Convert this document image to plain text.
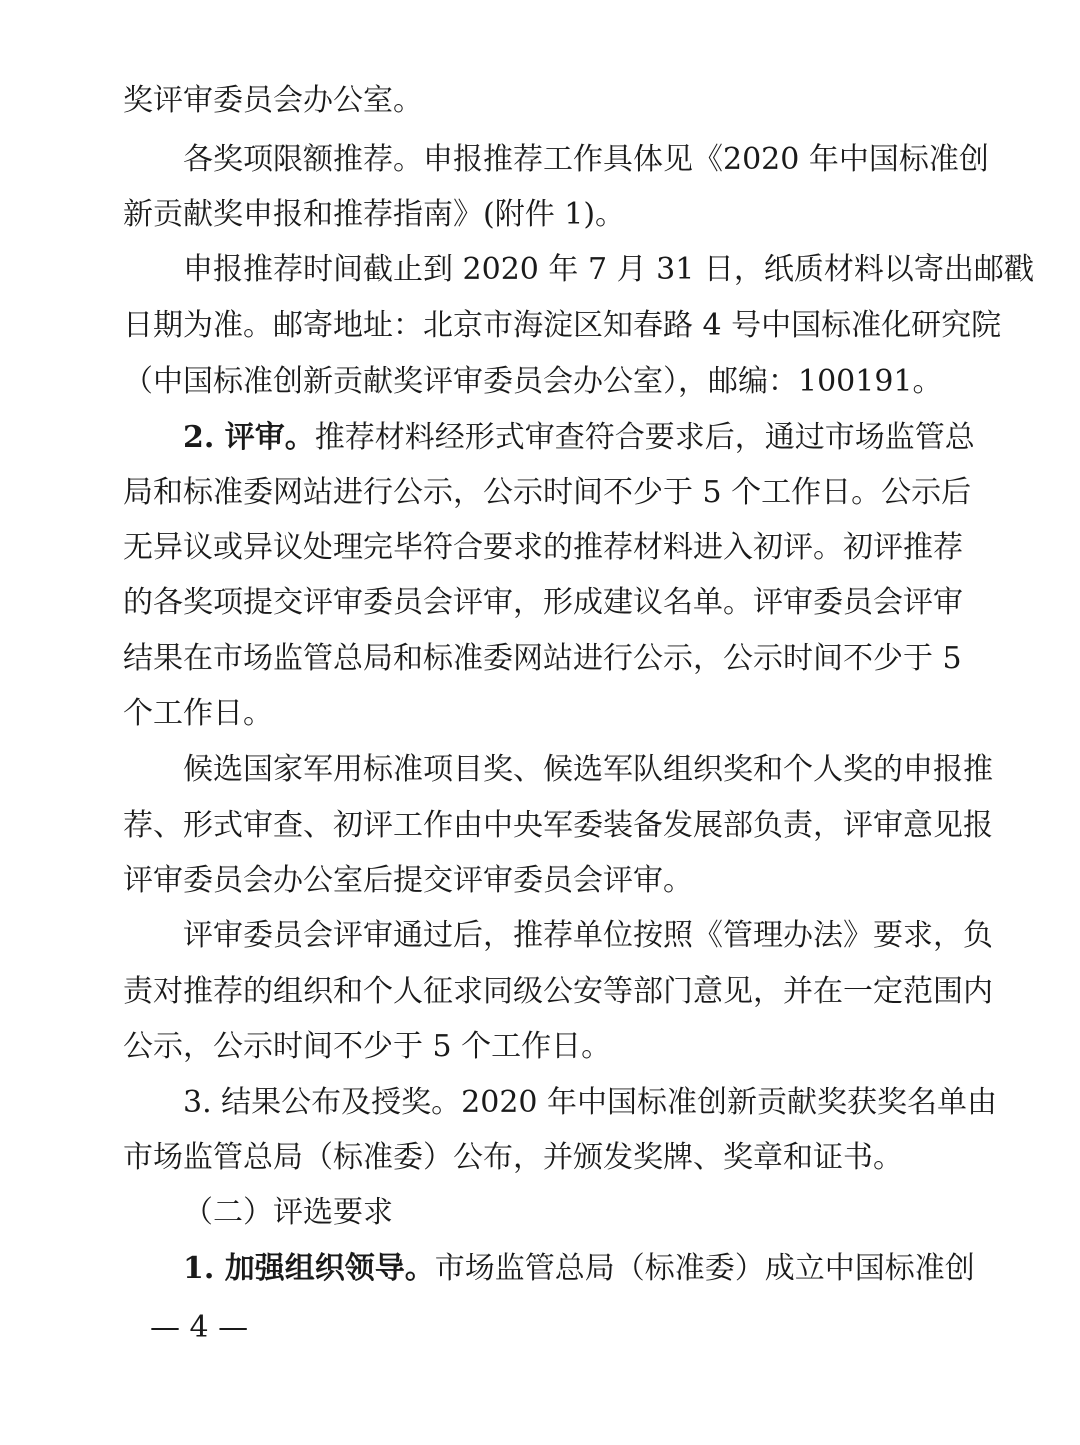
奖评审委员会办公室。
各奖项限额推荐。申报推荐工作具体见《2020 年中国标准创
新贡献奖申报和推荐指南》(附件 1)。
申报推荐时间截止到 2020 年 7 月 31 日，纸质材料以寄出邮戳
日期为准。邮寄地址：北京市海淀区知春路 4 号中国标准化研究院
（中国标准创新贡献奖评审委员会办公室），邮编：100191。
2. 评审。 推荐材料经形式审查符合要求后，通过市场监管总
局和标准委网站进行公示，公示时间不少于 5 个工作日。公示后
无异议或异议处理完毕符合要求的推荐材料进入初评。初评推荐
的各奖项提交评审委员会评审，形成建议名单。评审委员会评审
结果在市场监管总局和标准委网站进行公示，公示时间不少于 5
个工作日。
候选国家军用标准项目奖、候选军队组织奖和个人奖的申报推
荐、形式审查、初评工作由中央军委装备发展部负责，评审意见报
评审委员会办公室后提交评审委员会评审。
评审委员会评审通过后，推荐单位按照《管理办法》要求，负
责对推荐的组织和个人征求同级公安等部门意见，并在一定范围内
公示，公示时间不少于 5 个工作日。
3. 结果公布及授奖。2020 年中国标准创新贡献奖获奖名单由
市场监管总局（标准委）公布，并颁发奖牌、奖章和证书。
（二）评选要求
1. 加强组织领导。 市场监管总局（标准委）成立中国标准创
— 4 —
